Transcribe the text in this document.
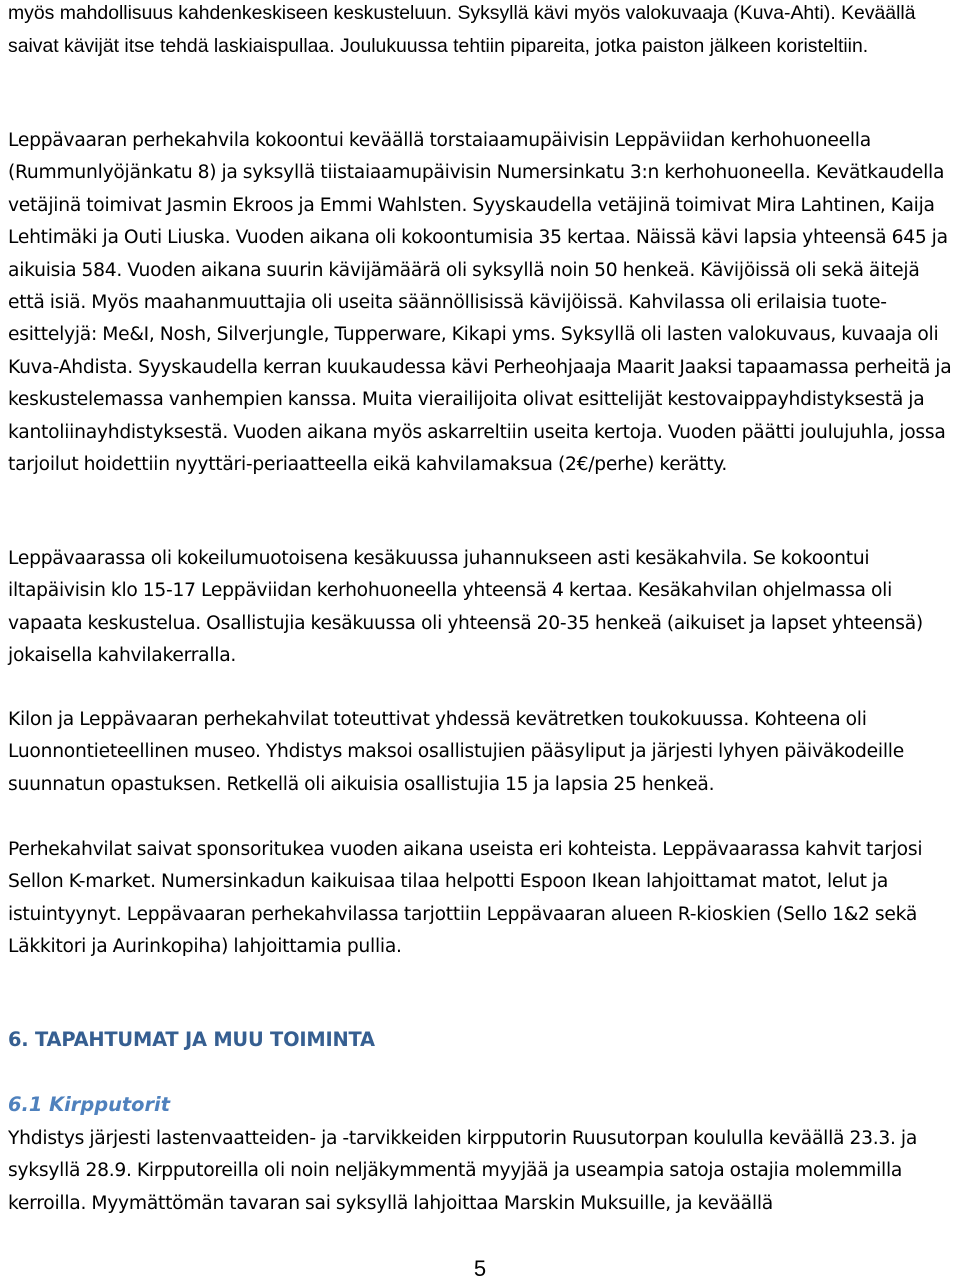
myös mahdollisuus kahdenkeskiseen keskusteluun. Syksyllä kävi myös valokuvaaja (Kuva-Ahti). Keväällä saivat kävijät itse tehdä laskiaispullaa. Joulukuussa tehtiin pipareita, jotka paiston jälkeen koristeltiin.

Leppävaaran perhekahvila kokoontui keväällä torstaiaamupäivisin Leppäviidan kerhohuoneella (Rummunlyöjänkatu 8) ja syksyllä tiistaiaamupäivisin Numersinkatu 3:n kerhohuoneella. Kevätkaudella vetäjinä toimivat Jasmin Ekroos ja Emmi Wahlsten. Syyskaudella vetäjinä toimivat Mira Lahtinen, Kaija Lehtimäki ja Outi Liuska. Vuoden aikana oli kokoontumisia 35 kertaa. Näissä kävi lapsia yhteensä 645 ja aikuisia 584. Vuoden aikana suurin kävijämäärä oli syksyllä noin 50 henkeä. Kävijöissä oli sekä äitejä että isiä. Myös maahanmuuttajia oli useita säännöllisissä kävijöissä. Kahvilassa oli erilaisia tuote-esittelyjä: Me&I, Nosh, Silverjungle, Tupperware, Kikapi yms. Syksyllä oli lasten valokuvaus, kuvaaja oli Kuva-Ahdista. Syyskaudella kerran kuukaudessa kävi Perheohjaaja Maarit Jaaksi tapaamassa perheitä ja keskustelemassa vanhempien kanssa. Muita vierailijoita olivat esittelijät kestovaippayhdistyksestä ja kantoliinayhdistyksestä. Vuoden aikana myös askarreltiin useita kertoja. Vuoden päätti joulujuhla, jossa tarjoilut hoidettiin nyyttäri-periaatteella eikä kahvilamaksua (2€/perhe) kerätty.

Leppävaarassa oli kokeilumuotoisena kesäkuussa juhannukseen asti kesäkahvila. Se kokoontui iltapäivisin klo 15-17 Leppäviidan kerhohuoneella yhteensä 4 kertaa. Kesäkahvilan ohjelmassa oli vapaata keskustelua. Osallistujia kesäkuussa oli yhteensä 20-35 henkeä (aikuiset ja lapset yhteensä) jokaisella kahvilakerralla.

Kilon ja Leppävaaran perhekahvilat toteuttivat yhdessä kevätretken toukokuussa. Kohteena oli Luonnontieteellinen museo. Yhdistys maksoi osallistujien pääsyliput ja järjesti lyhyen päiväkodeille suunnatun opastuksen. Retkellä oli aikuisia osallistujia 15 ja lapsia 25 henkeä.

Perhekahvilat saivat sponsoritukea vuoden aikana useista eri kohteista. Leppävaarassa kahvit tarjosi Sellon K-market. Numersinkadun kaikuisaa tilaa helpotti Espoon Ikean lahjoittamat matot, lelut ja istuintyynyt. Leppävaaran perhekahvilassa tarjottiin Leppävaaran alueen R-kioskien (Sello 1&2 sekä Läkkitori ja Aurinkopiha) lahjoittamia pullia.

6. TAPAHTUMAT JA MUU TOIMINTA
6.1 Kirpputorit

Yhdistys järjesti lastenvaatteiden- ja -tarvikkeiden kirpputorin Ruusutorpan koululla keväällä 23.3. ja syksyllä 28.9. Kirpputoreilla oli noin neljäkymmentä myyjää ja useampia satoja ostajia molemmilla kerroilla. Myymättömän tavaran sai syksyllä lahjoittaa Marskin Muksuille, ja keväällä

5
